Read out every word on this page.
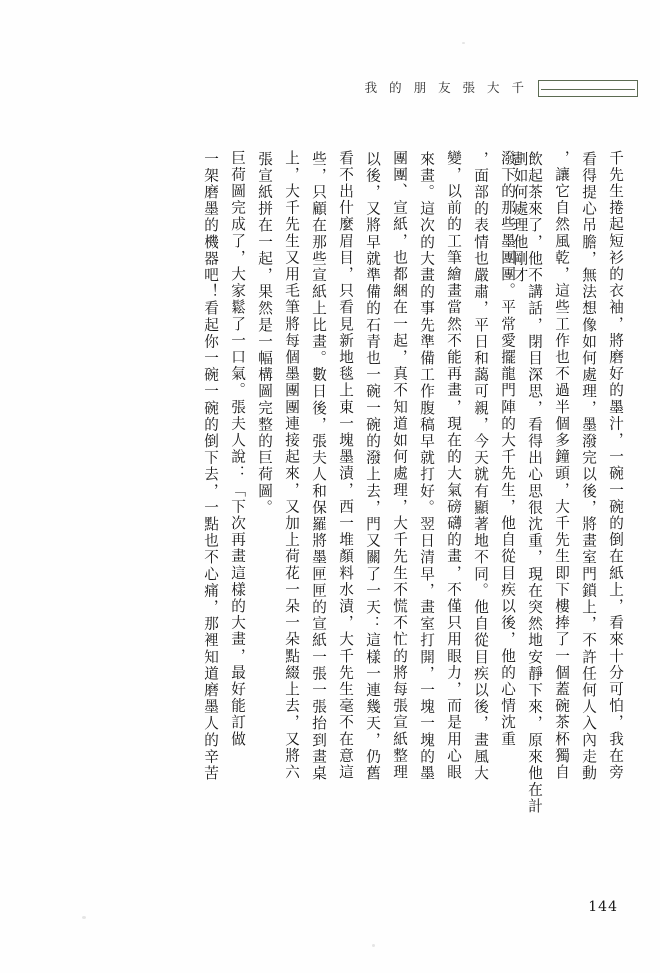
我 的 朋 友 張 大 千
千先生捲起短衫的衣袖，將磨好的墨汁，一碗一碗的倒在紙上，看來十分可怕，我在旁
看得提心吊膽，無法想像如何處理，墨潑完以後，將畫室門鎖上，不許任何人入內走動
，讓它自然風乾，這些工作也不過半個多鐘頭，大千先生即下樓捧了一個蓋碗茶杯獨自
飲起茶來了，他不講話，閉目深思，看得出心思很沈重，現在突然地安靜下來，原來他在計劃如何處理他剛才
潑下的那些墨團團。平常愛擺龍門陣的大千先生，他自從目疾以後，他的心情沈重
，面部的表情也嚴肅，平日和藹可親，今天就有顯著地不同。他自從目疾以後，畫風大
變，以前的工筆繪畫當然不能再畫，現在的大氣磅礴的畫，不僅只用眼力，而是用心眼
來畫。這次的大畫的事先準備工作腹稿早就打好。翌日清早，畫室打開，一塊一塊的墨
團團、宣紙，也都綑在一起，真不知道如何處理，大千先生不慌不忙的將每張宣紙整理
以後，又將早就準備的石青也一碗一碗的潑上去，門又關了一天：這樣一連幾天，仍舊
看不出什麼眉目，只看見新地毯上東一塊墨漬，西一堆顏料水漬，大千先生毫不在意這
些，只顧在那些宣紙上比畫。數日後，張夫人和保羅將墨匣匣的宣紙一張一張抬到畫桌
上，大千先生又用毛筆將每個墨團團連接起來，又加上荷花一朵一朵點綴上去，又將六
張宣紙拼在一起，果然是一幅構圖完整的巨荷圖。
巨荷圖完成了，大家鬆了一口氣。張夫人說：「下次再畫這樣的大畫，最好能訂做
一架磨墨的機器吧！看起你一碗一碗的倒下去，一點也不心痛，那裡知道磨墨人的辛苦
144
